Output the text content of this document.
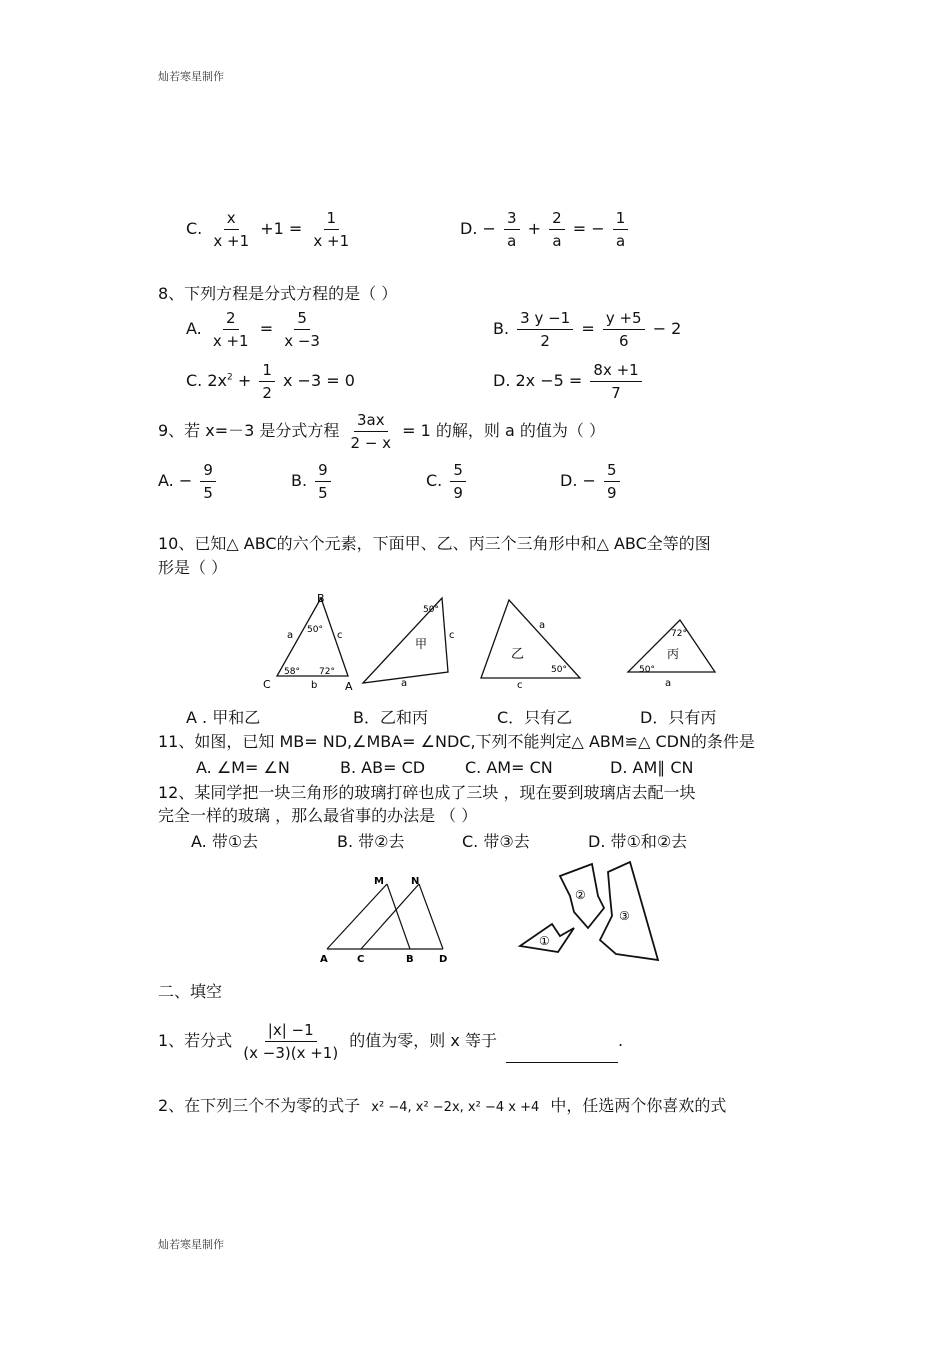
灿若寒星制作
灿若寒星制作
C. $\frac{x}{x +1} +1 = \frac{1}{x +1}$	D. − $\frac{3}{a} + \frac{2}{a}$ = − $\frac{1}{a}$
8、下列方程是分式方程的是（ ）
A. $\frac{2}{x +1} = \frac{5}{x -3}$	B. $\frac{3 y -1}{2} = \frac{y +5}{6} - 2$
C. $2x^2 + \frac{1}{2}$ x −3 = 0	D. $2x -5 = \frac{8x +1}{7}$
9、若 x=－3 是分式方程 $\frac{3ax}{2 - x} = 1$ 的解，则 a 的值为（ ）
A. − $\frac{9}{5}$	B. $\frac{9}{5}$	C. $\frac{5}{9}$	D. − $\frac{5}{9}$
10、已知△ ABC的六个元素，下面甲、乙、丙三个三角形中和△ ABC全等的图
形是（ ）
B
C	A
a	c
b
50°
58° 72°
甲
a
c
50°
乙
a
c
50°
丙
a
72°
50°
A . 甲和乙	B．乙和丙	C．只有乙	D．只有丙
11、如图，已知 MB= ND,∠MBA= ∠NDC,下列不能判定△ ABM≌△ CDN的条件是
A. ∠M= ∠N	B. AB= CD C. AM= CN	D. AM∥ CN
12、某同学把一块三角形的玻璃打碎也成了三块 ，现在要到玻璃店去配一块
完全一样的玻璃 ，那么最省事的办法是 （ ）
A. 带①去	B. 带②去	C. 带③去	D. 带①和②去
M	N
A	C	B	D
①
②
③
二、填空
1、若分式 $\frac{|x| -1}{(x -3)(x +1)}$ 的值为零，则 x 等于	.
2、在下列三个不为零的式子 x² −4, x² −2x, x² −4 x +4 中，任选两个你喜欢的式
